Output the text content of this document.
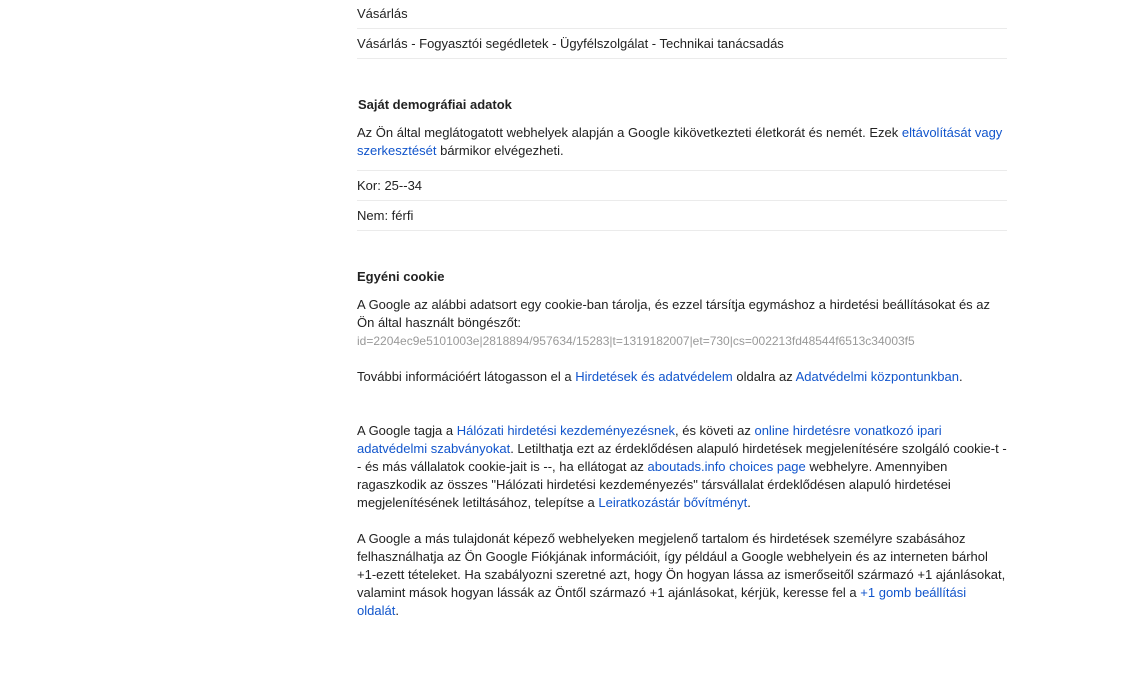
Vásárlás
Vásárlás - Fogyasztói segédletek - Ügyfélszolgálat - Technikai tanácsadás
Saját demográfiai adatok

Az Ön által meglátogatott webhelyek alapján a Google kikövetkezteti életkorát és nemét. Ezek eltávolítását vagy szerkesztését bármikor elvégezheti.

Kor: 25--34
Nem: férfi
Egyéni cookie

A Google az alábbi adatsort egy cookie-ban tárolja, és ezzel társítja egymáshoz a hirdetési beállításokat és az Ön által használt böngészőt:

id=2204ec9e5101003e|2818894/957634/15283|t=1319182007|et=730|cs=002213fd48544f6513c34003f5

További információért látogasson el a Hirdetések és adatvédelem oldalra az Adatvédelmi központunkban.

A Google tagja a Hálózati hirdetési kezdeményezésnek, és követi az online hirdetésre vonatkozó ipari adatvédelmi szabványokat. Letilthatja ezt az érdeklődésen alapuló hirdetések megjelenítésére szolgáló cookie-t -- és más vállalatok cookie-jait is --, ha ellátogat az aboutads.info choices page webhelyre. Amennyiben ragaszkodik az összes "Hálózati hirdetési kezdeményezés" társvállalat érdeklődésen alapuló hirdetései megjelenítésének letiltásához, telepítse a Leiratkozástár bővítményt.

A Google a más tulajdonát képező webhelyeken megjelenő tartalom és hirdetések személyre szabásához felhasználhatja az Ön Google Fiókjának információit, így például a Google webhelyein és az interneten bárhol +1-ezett tételeket. Ha szabályozni szeretné azt, hogy Ön hogyan lássa az ismerőseitől származó +1 ajánlásokat, valamint mások hogyan lássák az Öntől származó +1 ajánlásokat, kérjük, keresse fel a +1 gomb beállítási oldalát.
